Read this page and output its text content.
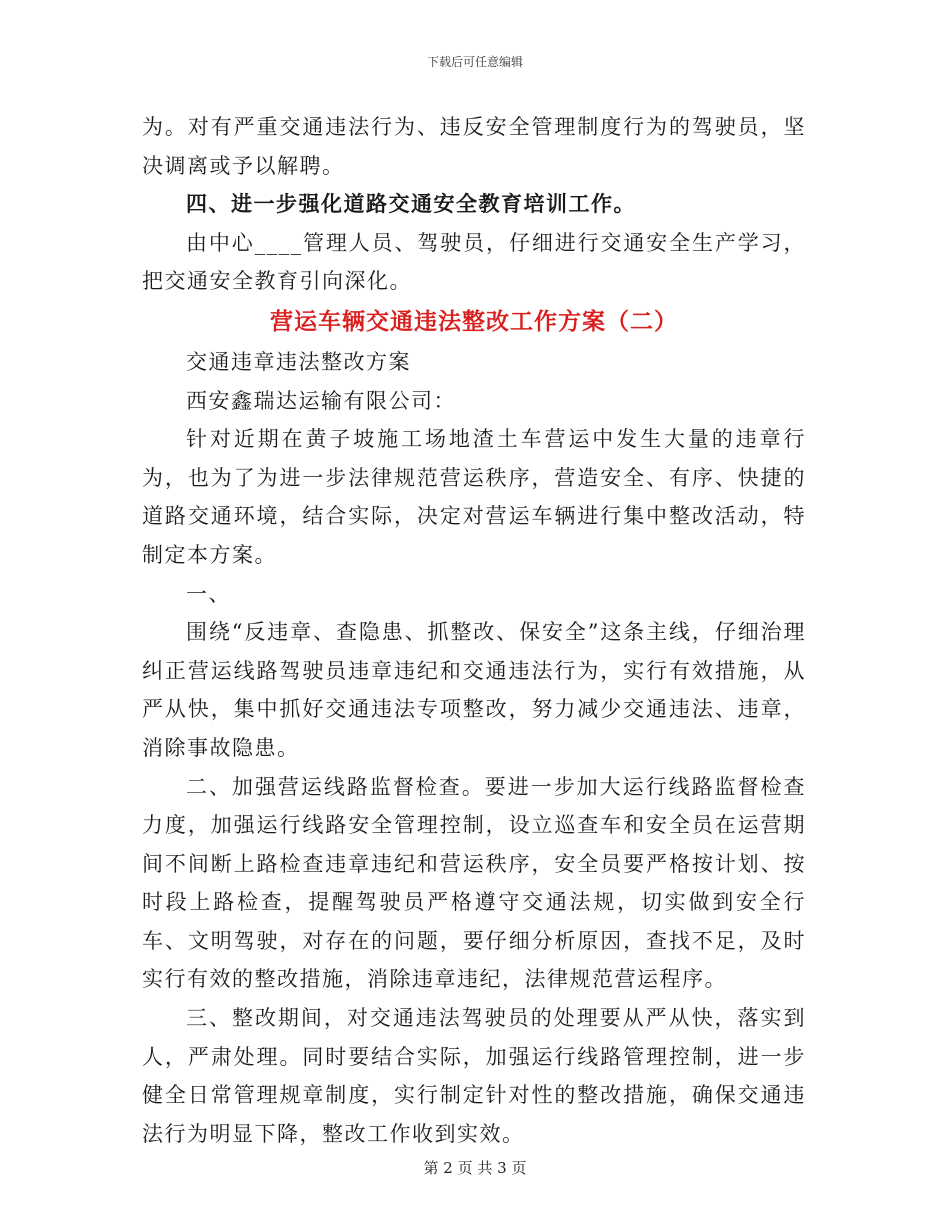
下载后可任意编辑

为。对有严重交通违法行为、违反安全管理制度行为的驾驶员，坚决调离或予以解聘。

四、进一步强化道路交通安全教育培训工作。

由中心____管理人员、驾驶员，仔细进行交通安全生产学习，把交通安全教育引向深化。

营运车辆交通违法整改工作方案（二）

交通违章违法整改方案

西安鑫瑞达运输有限公司：

针对近期在黄子坡施工场地渣土车营运中发生大量的违章行为，也为了为进一步法律规范营运秩序，营造安全、有序、快捷的道路交通环境，结合实际，决定对营运车辆进行集中整改活动，特制定本方案。

一、

围绕“反违章、查隐患、抓整改、保安全”这条主线，仔细治理纠正营运线路驾驶员违章违纪和交通违法行为，实行有效措施，从严从快，集中抓好交通违法专项整改，努力减少交通违法、违章，消除事故隐患。

二、加强营运线路监督检查。要进一步加大运行线路监督检查力度，加强运行线路安全管理控制，设立巡查车和安全员在运营期间不间断上路检查违章违纪和营运秩序，安全员要严格按计划、按时段上路检查，提醒驾驶员严格遵守交通法规，切实做到安全行车、文明驾驶，对存在的问题，要仔细分析原因，查找不足，及时实行有效的整改措施，消除违章违纪，法律规范营运程序。

三、整改期间，对交通违法驾驶员的处理要从严从快，落实到人，严肃处理。同时要结合实际，加强运行线路管理控制，进一步健全日常管理规章制度，实行制定针对性的整改措施，确保交通违法行为明显下降，整改工作收到实效。

第 2 页 共 3 页
